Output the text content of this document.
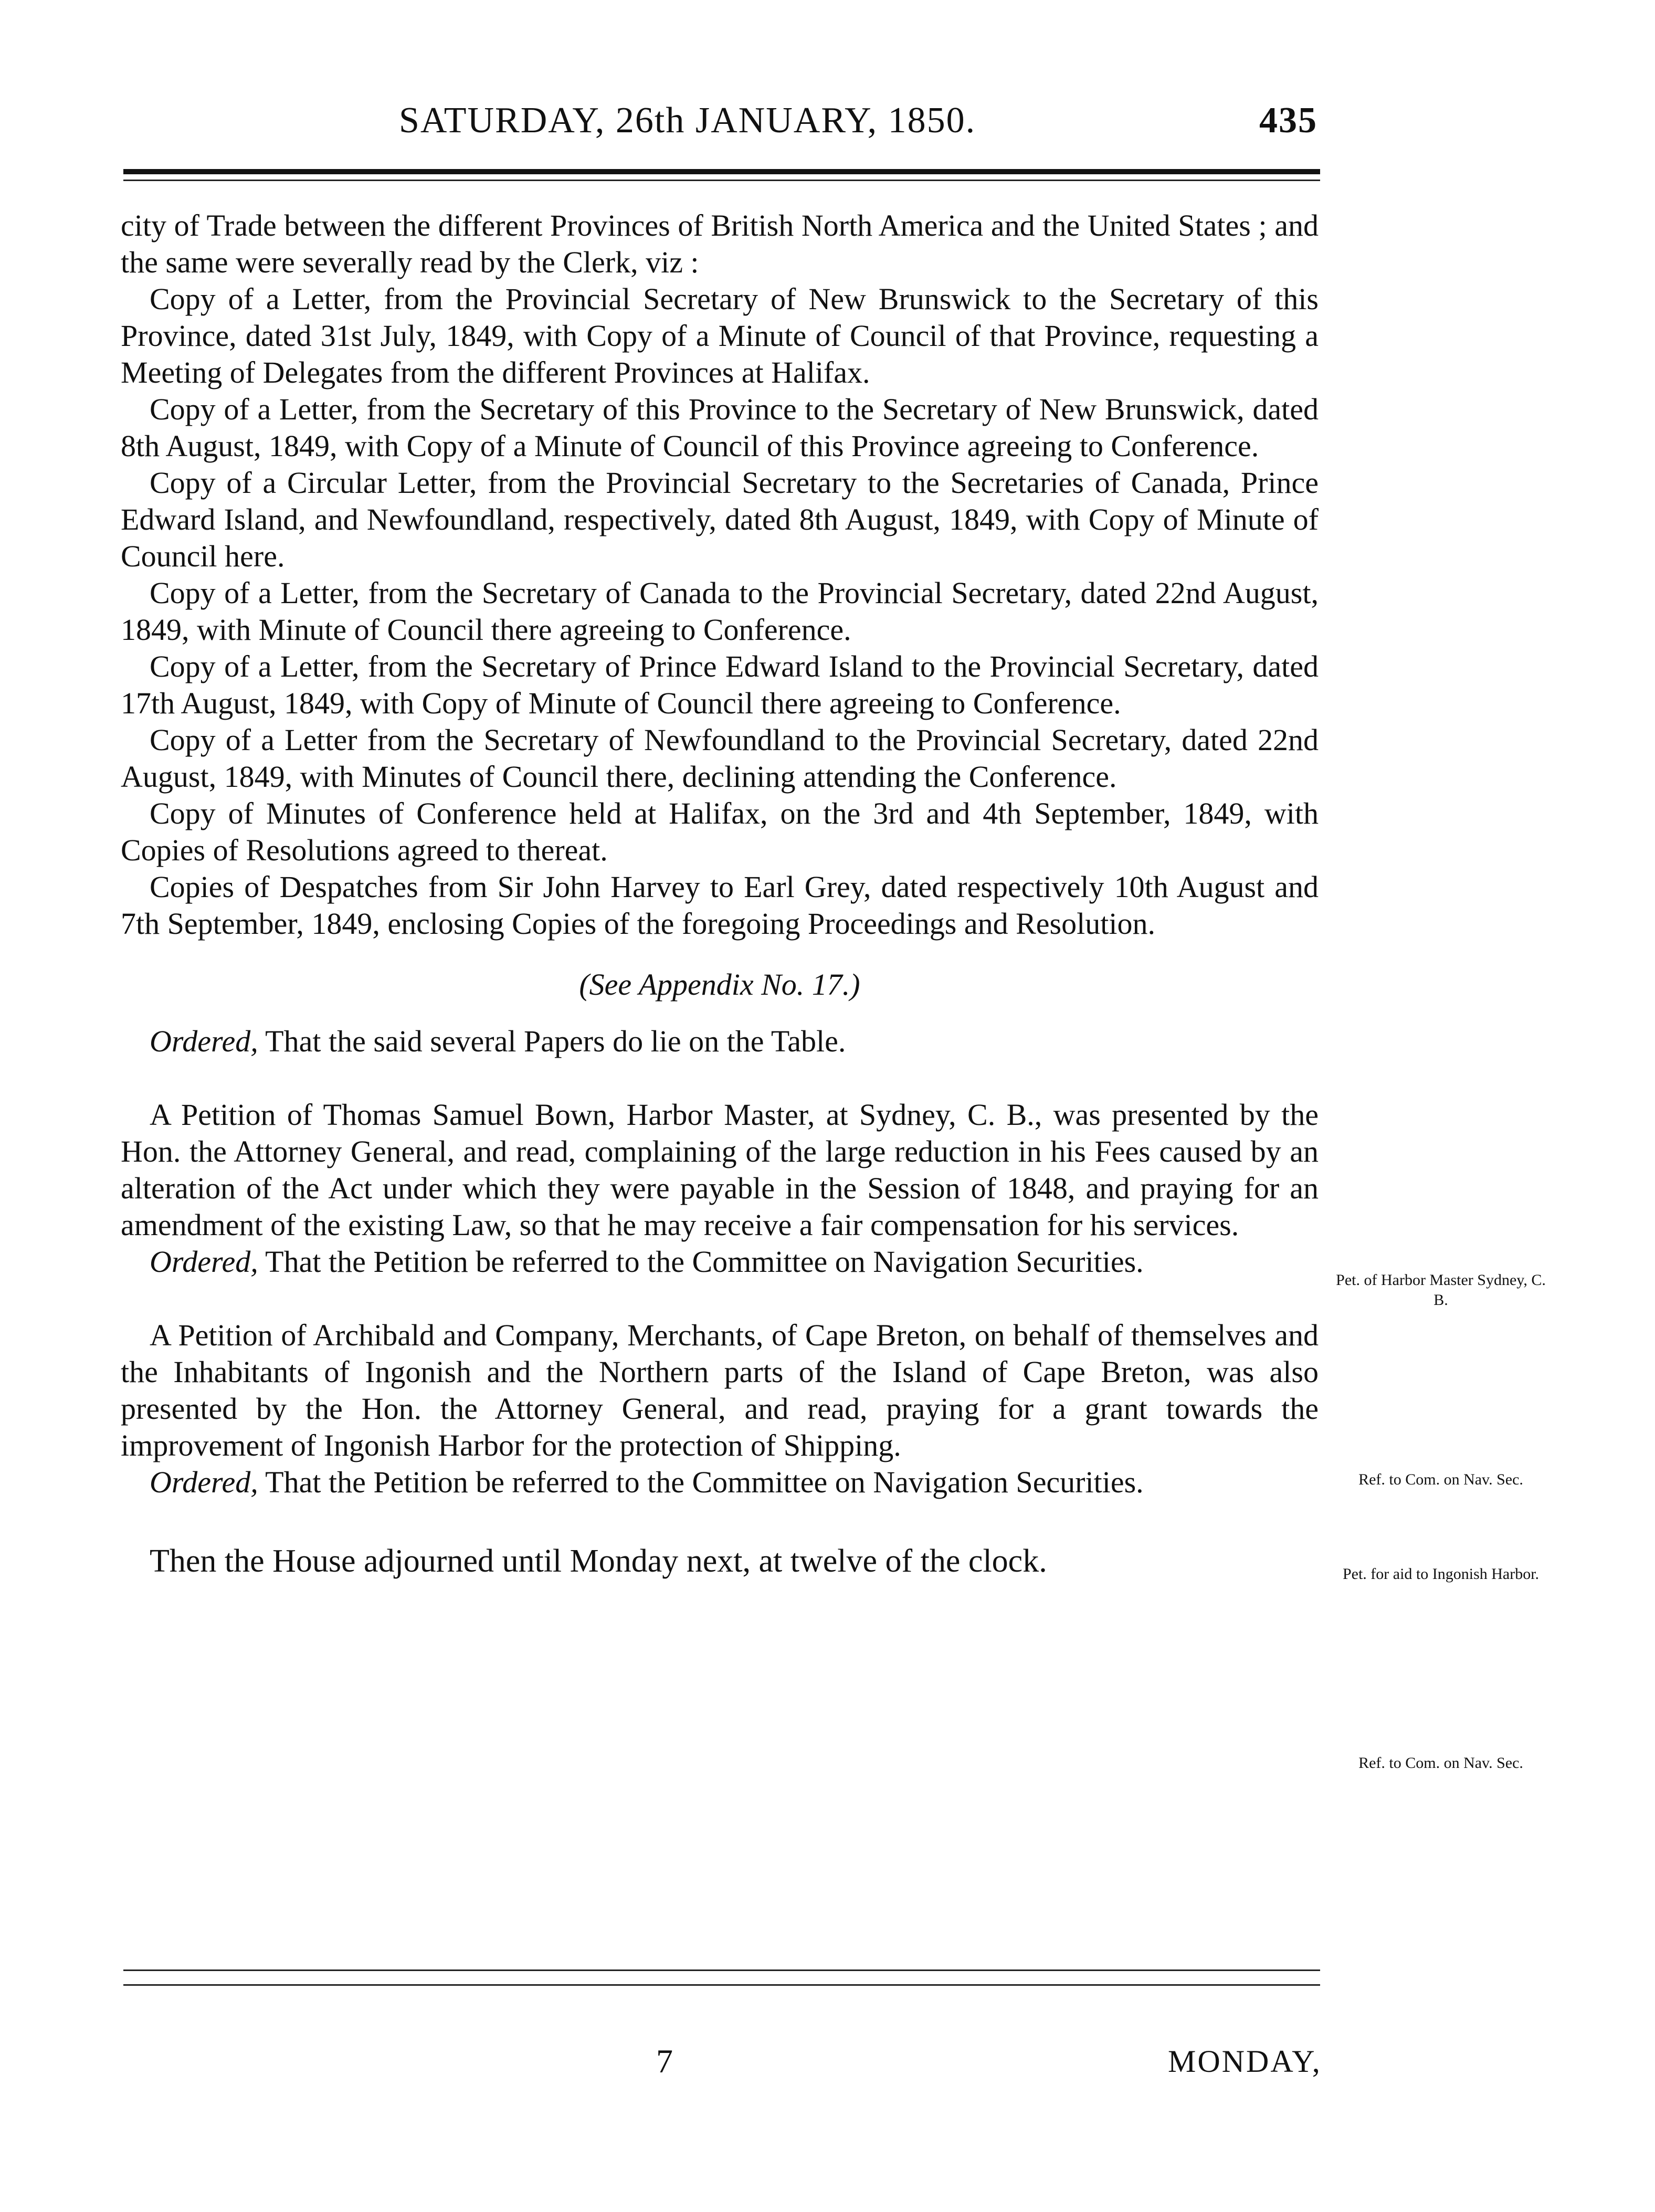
SATURDAY, 26th JANUARY, 1850.	435

city of Trade between the different Provinces of British North America and the United States ; and the same were severally read by the Clerk, viz :

Copy of a Letter, from the Provincial Secretary of New Brunswick to the Secretary of this Province, dated 31st July, 1849, with Copy of a Minute of Council of that Province, requesting a Meeting of Delegates from the different Provinces at Halifax.

Copy of a Letter, from the Secretary of this Province to the Secretary of New Brunswick, dated 8th August, 1849, with Copy of a Minute of Council of this Province agreeing to Conference.

Copy of a Circular Letter, from the Provincial Secretary to the Secretaries of Canada, Prince Edward Island, and Newfoundland, respectively, dated 8th August, 1849, with Copy of Minute of Council here.

Copy of a Letter, from the Secretary of Canada to the Provincial Secretary, dated 22nd August, 1849, with Minute of Council there agreeing to Conference.

Copy of a Letter, from the Secretary of Prince Edward Island to the Provincial Secretary, dated 17th August, 1849, with Copy of Minute of Council there agreeing to Conference.

Copy of a Letter from the Secretary of Newfoundland to the Provincial Secretary, dated 22nd August, 1849, with Minutes of Council there, declining attending the Conference.

Copy of Minutes of Conference held at Halifax, on the 3rd and 4th September, 1849, with Copies of Resolutions agreed to thereat.

Copies of Despatches from Sir John Harvey to Earl Grey, dated respectively 10th August and 7th September, 1849, enclosing Copies of the foregoing Proceedings and Resolution.

(See Appendix No. 17.)

Ordered, That the said several Papers do lie on the Table.

A Petition of Thomas Samuel Bown, Harbor Master, at Sydney, C. B., was presented by the Hon. the Attorney General, and read, complaining of the large reduction in his Fees caused by an alteration of the Act under which they were payable in the Session of 1848, and praying for an amendment of the existing Law, so that he may receive a fair compensation for his services.

Ordered, That the Petition be referred to the Committee on Navigation Securities.

A Petition of Archibald and Company, Merchants, of Cape Breton, on behalf of themselves and the Inhabitants of Ingonish and the Northern parts of the Island of Cape Breton, was also presented by the Hon. the Attorney General, and read, praying for a grant towards the improvement of Ingonish Harbor for the protection of Shipping.

Ordered, That the Petition be referred to the Committee on Navigation Securities.

Then the House adjourned until Monday next, at twelve of the clock.

Pet. of Harbor Master Sydney, C. B.
Ref. to Com. on Nav. Sec.
Pet. for aid to Ingonish Harbor.
Ref. to Com. on Nav. Sec.
7	MONDAY,
